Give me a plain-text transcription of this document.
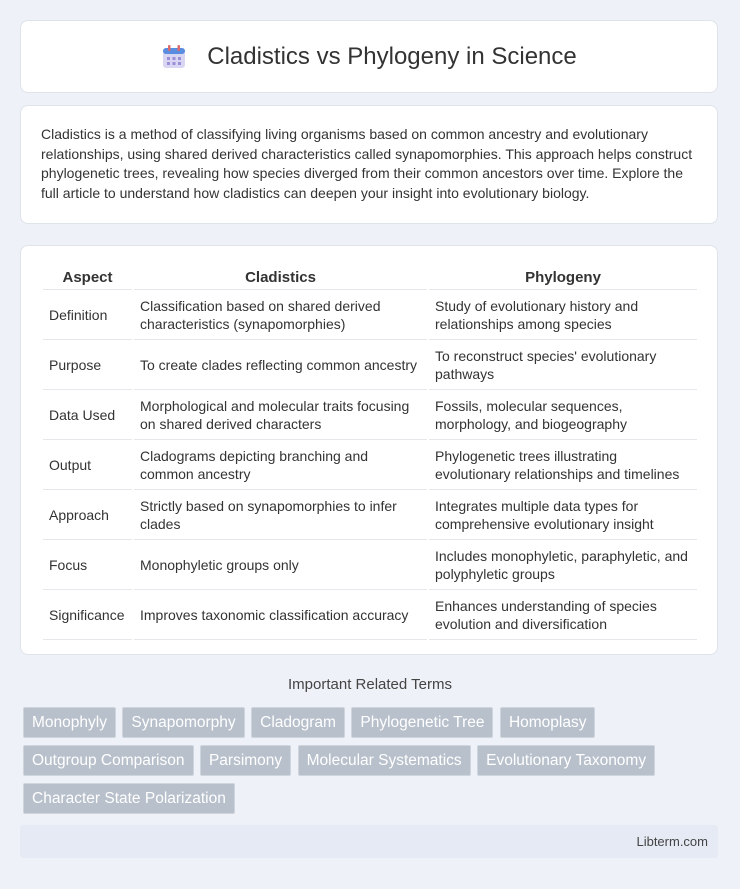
Cladistics vs Phylogeny in Science

Cladistics is a method of classifying living organisms based on common ancestry and evolutionary relationships, using shared derived characteristics called synapomorphies. This approach helps construct phylogenetic trees, revealing how species diverged from their common ancestors over time. Explore the full article to understand how cladistics can deepen your insight into evolutionary biology.

Aspect	Cladistics	Phylogeny
Definition	Classification based on shared derived characteristics (synapomorphies)	Study of evolutionary history and relationships among species
Purpose	To create clades reflecting common ancestry	To reconstruct species' evolutionary pathways
Data Used	Morphological and molecular traits focusing on shared derived characters	Fossils, molecular sequences, morphology, and biogeography
Output	Cladograms depicting branching and common ancestry	Phylogenetic trees illustrating evolutionary relationships and timelines
Approach	Strictly based on synapomorphies to infer clades	Integrates multiple data types for comprehensive evolutionary insight
Focus	Monophyletic groups only	Includes monophyletic, paraphyletic, and polyphyletic groups
Significance	Improves taxonomic classification accuracy	Enhances understanding of species evolution and diversification
Important Related Terms
Monophyly Synapomorphy Cladogram Phylogenetic Tree Homoplasy Outgroup Comparison Parsimony Molecular Systematics Evolutionary Taxonomy Character State Polarization
Libterm.com
